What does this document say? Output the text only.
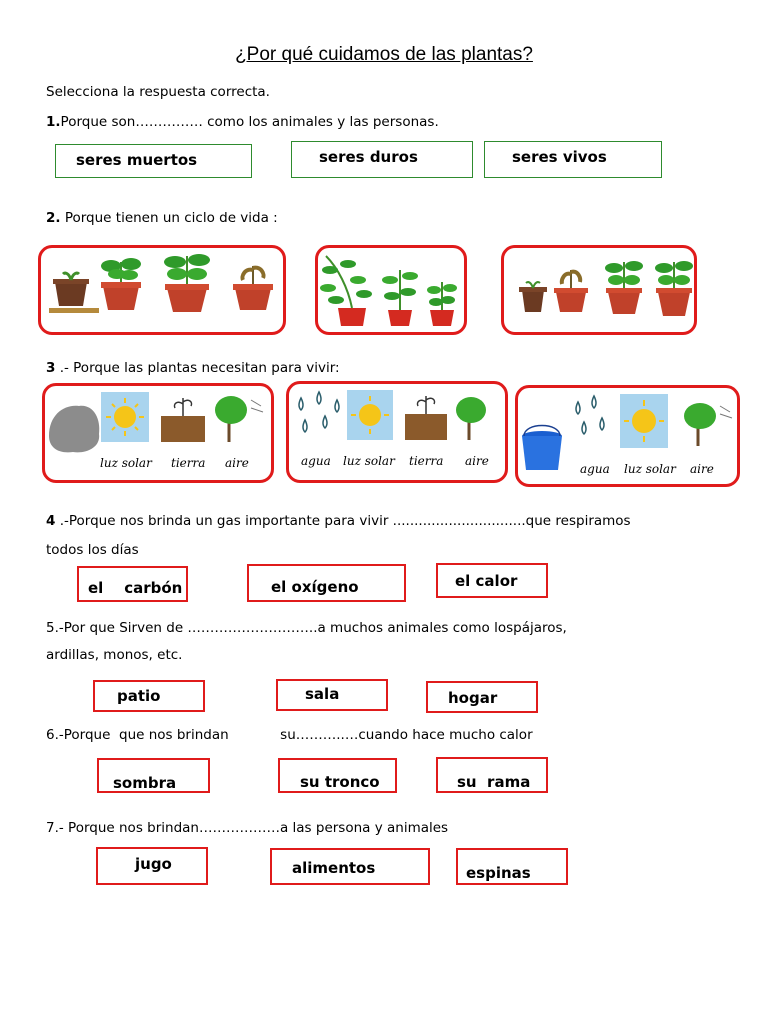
¿Por qué cuidamos de las plantas?
Selecciona la respuesta correcta.
1.Porque son…………… como los animales y las personas.
seres muertos	seres duros	seres vivos
2. Porque tienen un ciclo de vida :
3 .- Porque las plantas necesitan para vivir:
luz solar tierra aire	agua luz solar tierra aire
agua luz solar aire
4 .-Porque nos brinda un gas importante para vivir ...............................que respiramos
todos los días
el    carbón	el oxígeno	el calor
5.-Por que Sirven de ………………………..a muchos animales como lospájaros,
ardillas, monos, etc.
patio	sala	hogar
6.-Porque  que nos brindan            su………..…cuando hace mucho calor
sombra	su tronco	su  rama
7.- Porque nos brindan………………a las persona y animales
jugo	alimentos	espinas
